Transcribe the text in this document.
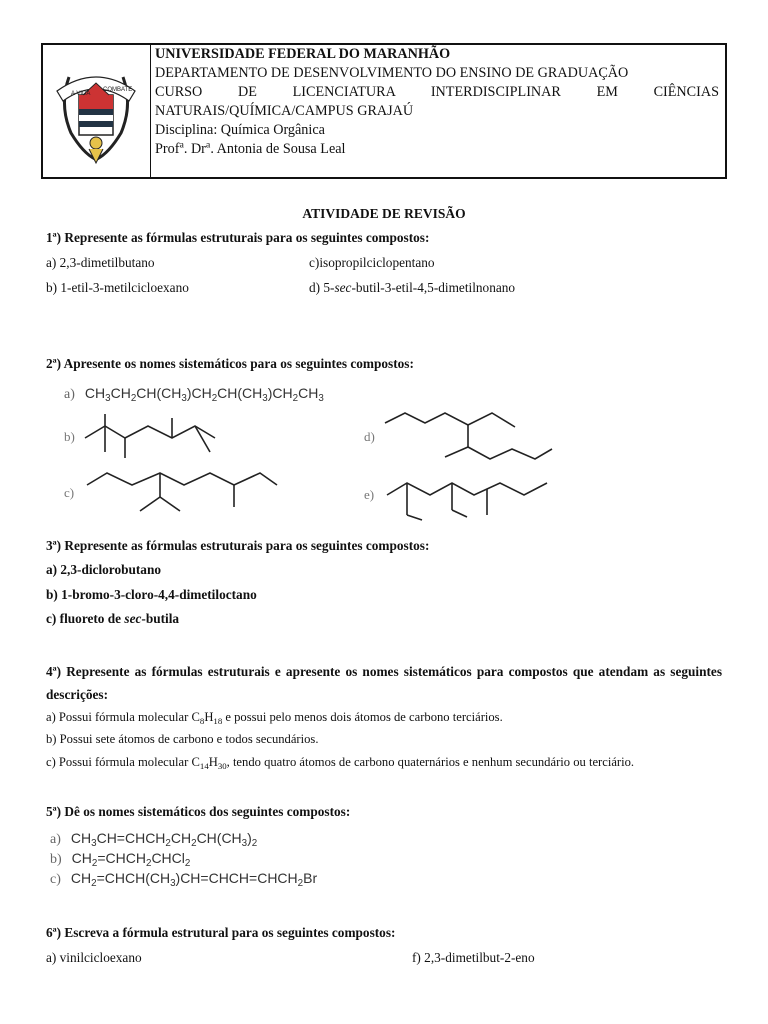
A VIDA
COMBATE
UNIVERSIDADE FEDERAL DO MARANHÃO
DEPARTAMENTO DE DESENVOLVIMENTO DO ENSINO DE GRADUAÇÃO
CURSO DE LICENCIATURA INTERDISCIPLINAR EM CIÊNCIAS
NATURAIS/QUÍMICA/CAMPUS GRAJAÚ
Disciplina: Química Orgânica
Prof$^a$. Dr$^a$. Antonia de Sousa Leal
ATIVIDADE DE REVISÃO
1ª) Represente as fórmulas estruturais para os seguintes compostos:
a) 2,3-dimetilbutano	c)isopropilciclopentano
b) 1-etil-3-metilcicloexano	d) 5-sec-butil-3-etil-4,5-dimetilnonano
2ª) Apresente os nomes sistemáticos para os seguintes compostos:
a) $CH_3CH_2CH(CH_3)CH_2CH(CH_3)CH_2CH_3$
b)	d)
c)	e)
3ª) Represente as fórmulas estruturais para os seguintes compostos:
a) 2,3-diclorobutano
b) 1-bromo-3-cloro-4,4-dimetiloctano
c) fluoreto de sec-butila
4ª) Represente as fórmulas estruturais e apresente os nomes sistemáticos para compostos que atendam as seguintes descrições:
a) Possui fórmula molecular $C_8H_{18}$ e possui pelo menos dois átomos de carbono terciários.
b) Possui sete átomos de carbono e todos secundários.
c) Possui fórmula molecular $C_{14}H_{30}$, tendo quatro átomos de carbono quaternários e nenhum secundário ou terciário.
5ª) Dê os nomes sistemáticos dos seguintes compostos:
a) $CH_3CH=CHCH_2CH_2CH(CH_3)_2$
b) $CH_2=CHCH_2CHCl_2$
c) $CH_2=CHCH(CH_3)CH=CHCH=CHCH_2Br$
6ª) Escreva a fórmula estrutural para os seguintes compostos:
a) vinilcicloexano	f) 2,3-dimetilbut-2-eno
